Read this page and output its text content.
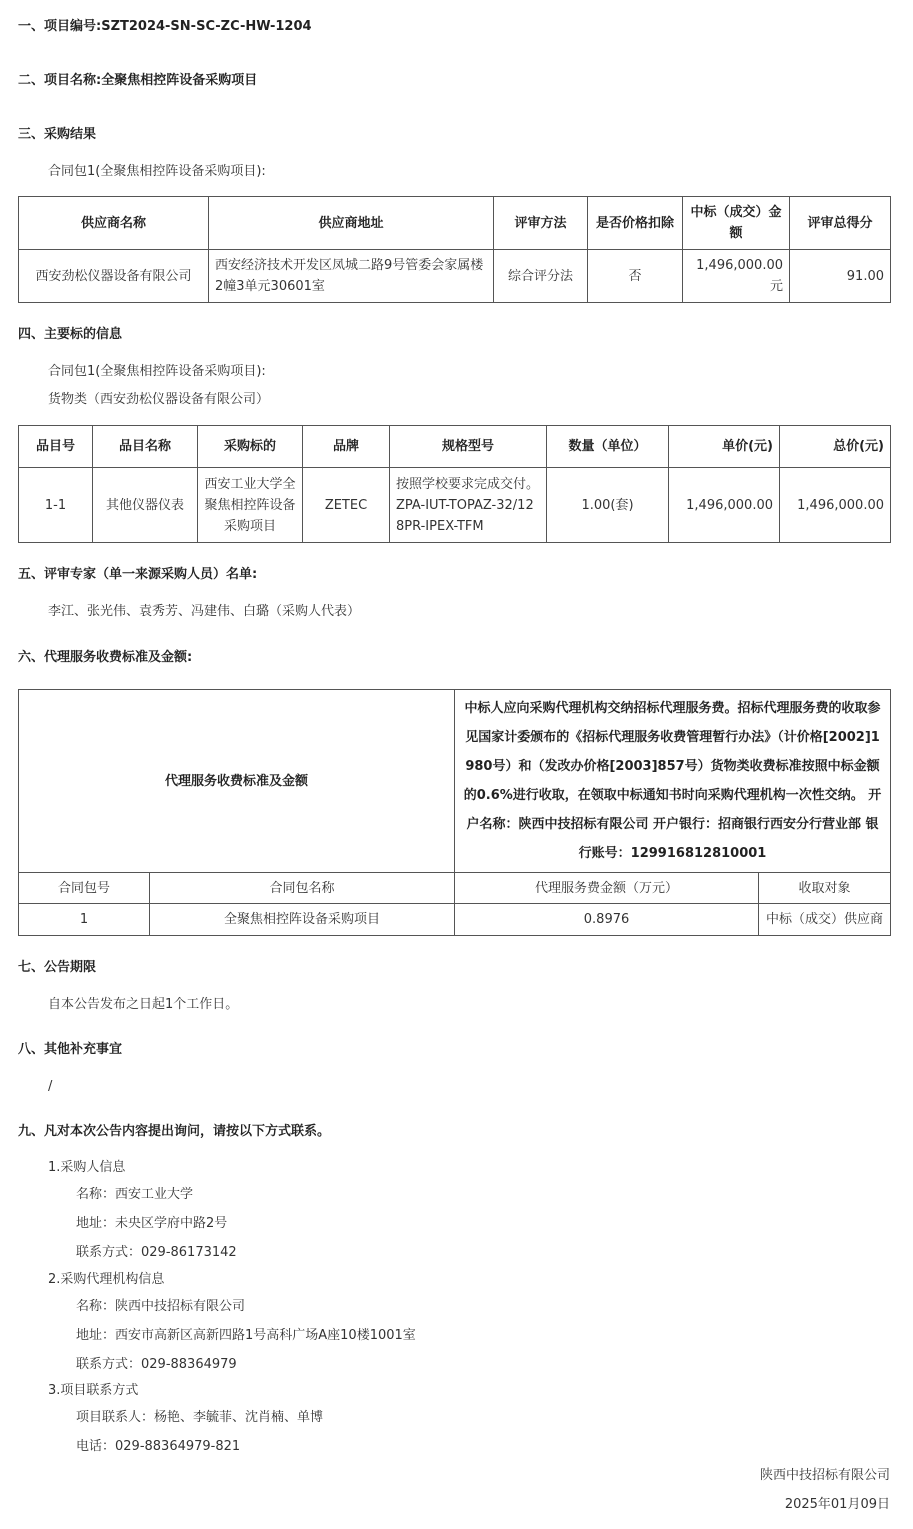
一、项目编号:SZT2024-SN-SC-ZC-HW-1204
二、项目名称:全聚焦相控阵设备采购项目
三、采购结果
合同包1(全聚焦相控阵设备采购项目):
供应商名称	供应商地址	评审方法	是否价格扣除	中标（成交）金额	评审总得分
西安劲松仪器设备有限公司	西安经济技术开发区凤城二路9号管委会家属楼2幢3单元30601室	综合评分法	否	1,496,000.00元	91.00
四、主要标的信息
合同包1(全聚焦相控阵设备采购项目):
货物类（西安劲松仪器设备有限公司）
品目号	品目名称	采购标的	品牌	规格型号	数量（单位）	单价(元)	总价(元)
1-1	其他仪器仪表	西安工业大学全聚焦相控阵设备采购项目	ZETEC	按照学校要求完成交付。ZPA-IUT-TOPAZ-32/128PR-IPEX-TFM	1.00(套)	1,496,000.00	1,496,000.00
五、评审专家（单一来源采购人员）名单:
李江、张光伟、袁秀芳、冯建伟、白璐（采购人代表）
六、代理服务收费标准及金额:
代理服务收费标准及金额		中标人应向采购代理机构交纳招标代理服务费。招标代理服务费的收取参见国家计委颁布的《招标代理服务收费管理暂行办法》（计价格[2002]1980号）和（发改办价格[2003]857号）货物类收费标准按照中标金额的0.6%进行收取，在领取中标通知书时向采购代理机构一次性交纳。 开户名称：陕西中技招标有限公司 开户银行：招商银行西安分行营业部 银行账号：129916812810001	
合同包号	合同包名称	代理服务费金额（万元）	收取对象
1	全聚焦相控阵设备采购项目	0.8976	中标（成交）供应商
七、公告期限
自本公告发布之日起1个工作日。
八、其他补充事宜
/
九、凡对本次公告内容提出询问，请按以下方式联系。
1.采购人信息
名称：西安工业大学
地址：未央区学府中路2号
联系方式：029-86173142
2.采购代理机构信息
名称：陕西中技招标有限公司
地址：西安市高新区高新四路1号高科广场A座10楼1001室
联系方式：029-88364979
3.项目联系方式
项目联系人：杨艳、李毓菲、沈肖楠、单博
电话：029-88364979-821
陕西中技招标有限公司
2025年01月09日
